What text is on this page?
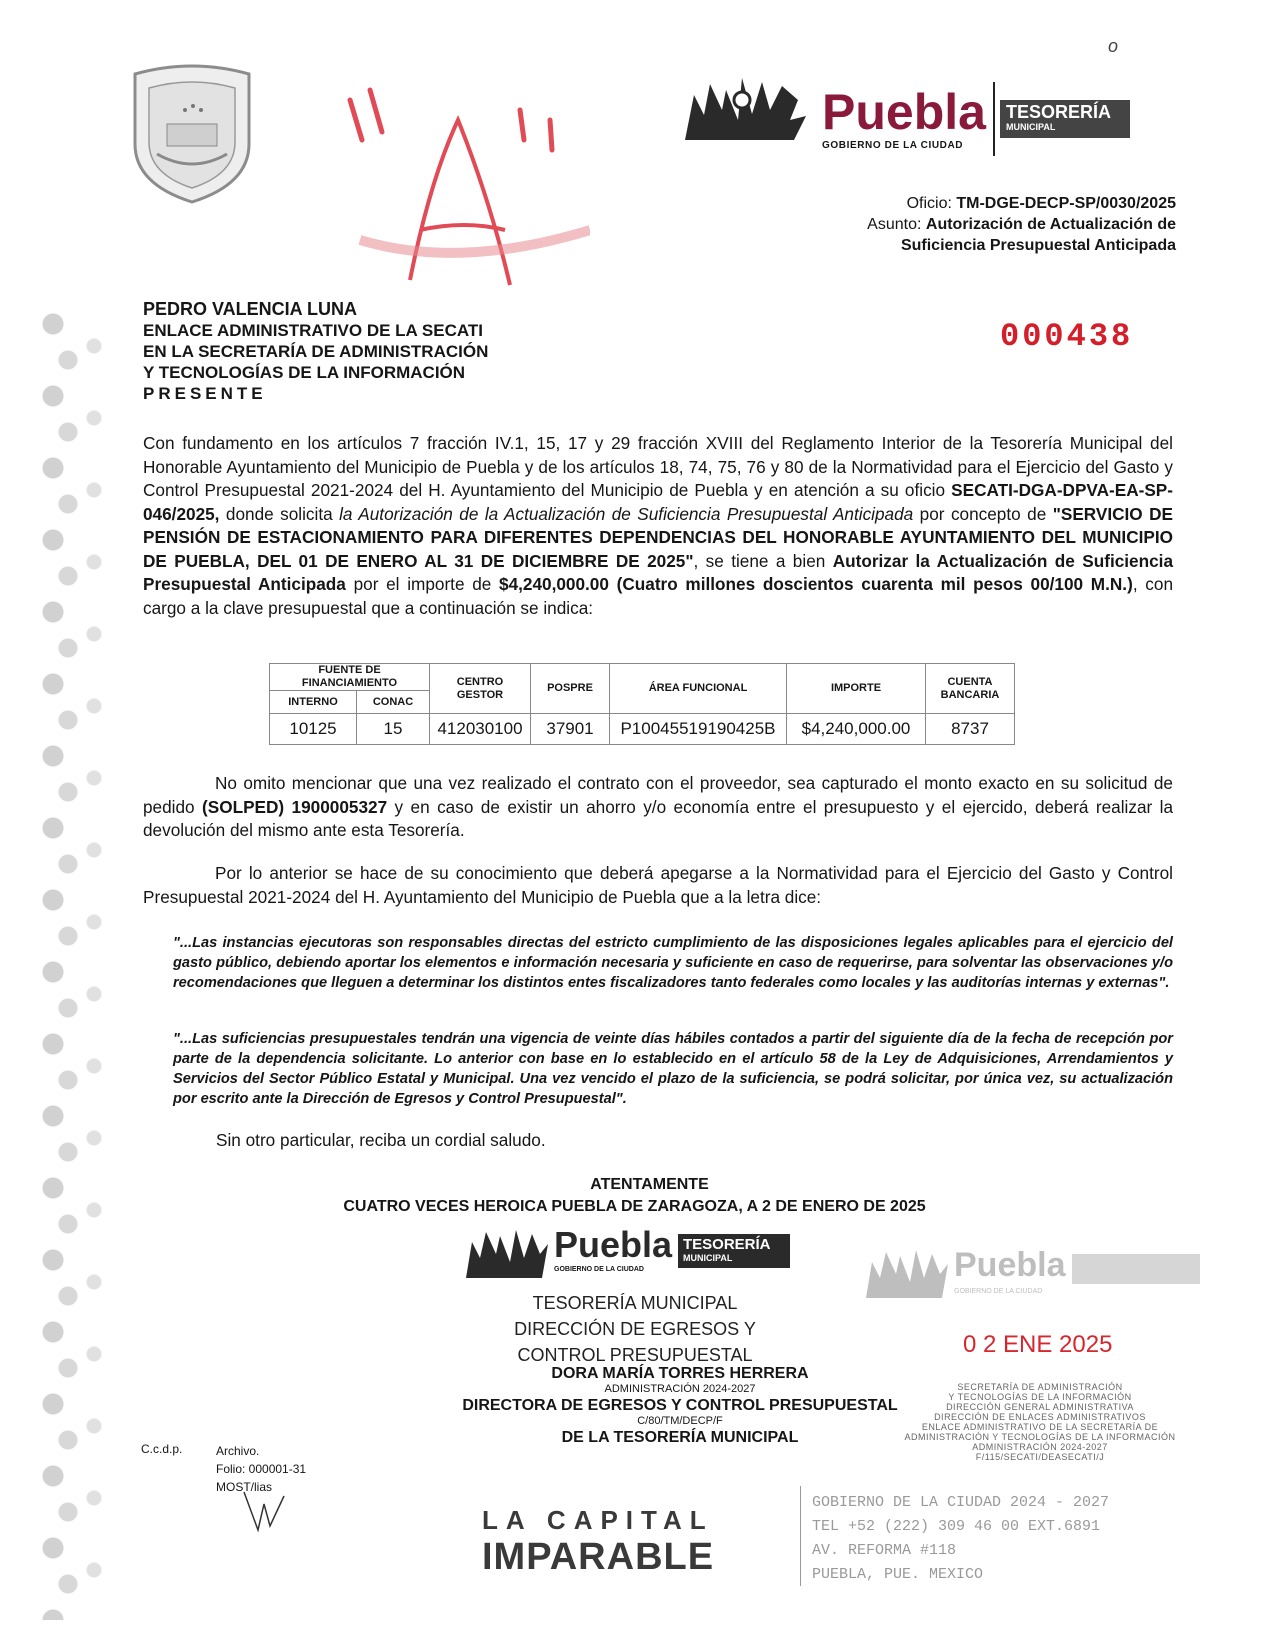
o
Puebla
GOBIERNO DE LA CIUDAD
TESORERÍA
MUNICIPAL
Oficio: TM-DGE-DECP-SP/0030/2025
Asunto: Autorización de Actualización de
Suficiencia Presupuestal Anticipada
000438
PEDRO VALENCIA LUNA
ENLACE ADMINISTRATIVO DE LA SECATI
EN LA SECRETARÍA DE ADMINISTRACIÓN
Y TECNOLOGÍAS DE LA INFORMACIÓN
PRESENTE
Con fundamento en los artículos 7 fracción IV.1, 15, 17 y 29 fracción XVIII del Reglamento Interior de la Tesorería Municipal del Honorable Ayuntamiento del Municipio de Puebla y de los artículos 18, 74, 75, 76 y 80 de la Normatividad para el Ejercicio del Gasto y Control Presupuestal 2021-2024 del H. Ayuntamiento del Municipio de Puebla y en atención a su oficio SECATI-DGA-DPVA-EA-SP-046/2025, donde solicita la Autorización de la Actualización de Suficiencia Presupuestal Anticipada por concepto de "SERVICIO DE PENSIÓN DE ESTACIONAMIENTO PARA DIFERENTES DEPENDENCIAS DEL HONORABLE AYUNTAMIENTO DEL MUNICIPIO DE PUEBLA, DEL 01 DE ENERO AL 31 DE DICIEMBRE DE 2025", se tiene a bien Autorizar la Actualización de Suficiencia Presupuestal Anticipada por el importe de $4,240,000.00 (Cuatro millones doscientos cuarenta mil pesos 00/100 M.N.), con cargo a la clave presupuestal que a continuación se indica:
FUENTE DE FINANCIAMIENTO		CENTRO GESTOR	POSPRE	ÁREA FUNCIONAL	IMPORTE	CUENTA BANCARIA
INTERNO	CONAC					
10125	15	412030100	37901	P10045519190425B	$4,240,000.00	8737
No omito mencionar que una vez realizado el contrato con el proveedor, sea capturado el monto exacto en su solicitud de pedido (SOLPED) 1900005327 y en caso de existir un ahorro y/o economía entre el presupuesto y el ejercido, deberá realizar la devolución del mismo ante esta Tesorería.
Por lo anterior se hace de su conocimiento que deberá apegarse a la Normatividad para el Ejercicio del Gasto y Control Presupuestal 2021-2024 del H. Ayuntamiento del Municipio de Puebla que a la letra dice:
"...Las instancias ejecutoras son responsables directas del estricto cumplimiento de las disposiciones legales aplicables para el ejercicio del gasto público, debiendo aportar los elementos e información necesaria y suficiente en caso de requerirse, para solventar las observaciones y/o recomendaciones que lleguen a determinar los distintos entes fiscalizadores tanto federales como locales y las auditorías internas y externas".
"...Las suficiencias presupuestales tendrán una vigencia de veinte días hábiles contados a partir del siguiente día de la fecha de recepción por parte de la dependencia solicitante. Lo anterior con base en lo establecido en el artículo 58 de la Ley de Adquisiciones, Arrendamientos y Servicios del Sector Público Estatal y Municipal. Una vez vencido el plazo de la suficiencia, se podrá solicitar, por única vez, su actualización por escrito ante la Dirección de Egresos y Control Presupuestal".
Sin otro particular, reciba un cordial saludo.
ATENTAMENTE
CUATRO VECES HEROICA PUEBLA DE ZARAGOZA, A 2 DE ENERO DE 2025
Puebla
GOBIERNO DE LA CIUDAD
TESORERÍA
MUNICIPAL
TESORERÍA MUNICIPAL
DIRECCIÓN DE EGRESOS Y
CONTROL PRESUPUESTAL
DORA MARÍA TORRES HERRERA
ADMINISTRACIÓN 2024-2027
DIRECTORA DE EGRESOS Y CONTROL PRESUPUESTAL
C/80/TM/DECP/F
DE LA TESORERÍA MUNICIPAL
Puebla
GOBIERNO DE LA CIUDAD
0 2 ENE 2025
SECRETARÍA DE ADMINISTRACIÓN
Y TECNOLOGÍAS DE LA INFORMACIÓN
DIRECCIÓN GENERAL ADMINISTRATIVA
DIRECCIÓN DE ENLACES ADMINISTRATIVOS
ENLACE ADMINISTRATIVO DE LA SECRETARÍA DE
ADMINISTRACIÓN Y TECNOLOGÍAS DE LA INFORMACIÓN
ADMINISTRACIÓN 2024-2027
F/115/SECATI/DEASECATI/J
C.c.d.p.	Archivo.
Folio: 000001-31
MOST/lias
LA CAPITAL
IMPARABLE
GOBIERNO DE LA CIUDAD 2024 - 2027
TEL +52 (222) 309 46 00 EXT.6891
AV. REFORMA #118
PUEBLA, PUE. MEXICO
